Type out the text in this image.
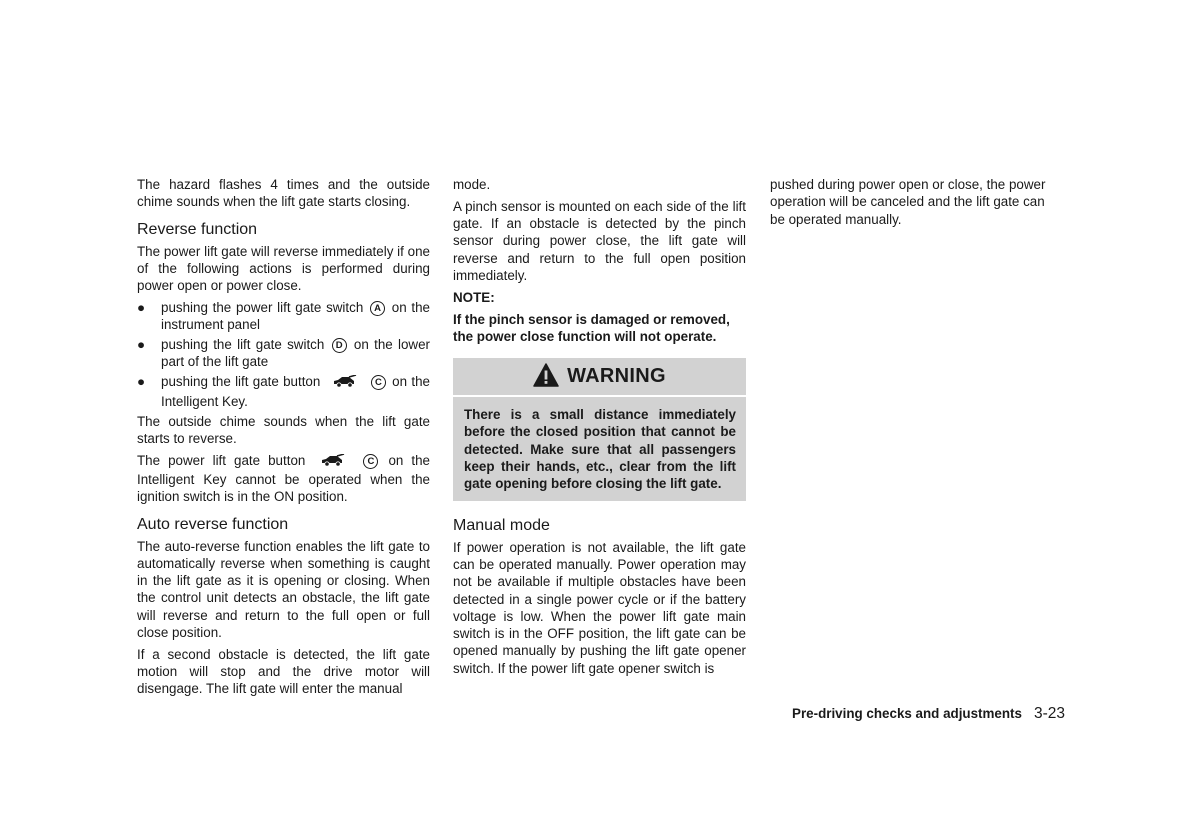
The hazard flashes 4 times and the outside chime sounds when the lift gate starts closing.

Reverse function

The power lift gate will reverse immediately if one of the following actions is performed during power open or power close.

● pushing the power lift gate switch A on the instrument panel
● pushing the lift gate switch D on the lower part of the lift gate
● pushing the lift gate button	C on the Intelligent Key.

The outside chime sounds when the lift gate starts to reverse.

The power lift gate button	C on the Intelligent Key cannot be operated when the ignition switch is in the ON position.

Auto reverse function

The auto-reverse function enables the lift gate to automatically reverse when something is caught in the lift gate as it is opening or closing. When the control unit detects an obstacle, the lift gate will reverse and return to the full open or full close position.

If a second obstacle is detected, the lift gate motion will stop and the drive motor will disengage. The lift gate will enter the manual

mode.

A pinch sensor is mounted on each side of the lift gate. If an obstacle is detected by the pinch sensor during power close, the lift gate will reverse and return to the full open position immediately.

NOTE:

If the pinch sensor is damaged or removed, the power close function will not operate.

WARNING
There is a small distance immediately before the closed position that cannot be detected. Make sure that all passengers keep their hands, etc., clear from the lift gate opening before closing the lift gate.
Manual mode

If power operation is not available, the lift gate can be operated manually. Power operation may not be available if multiple obstacles have been detected in a single power cycle or if the battery voltage is low. When the power lift gate main switch is in the OFF position, the lift gate can be opened manually by pushing the lift gate opener switch. If the power lift gate opener switch is

pushed during power open or close, the power operation will be canceled and the lift gate can be operated manually.

Pre-driving checks and adjustments 3-23
